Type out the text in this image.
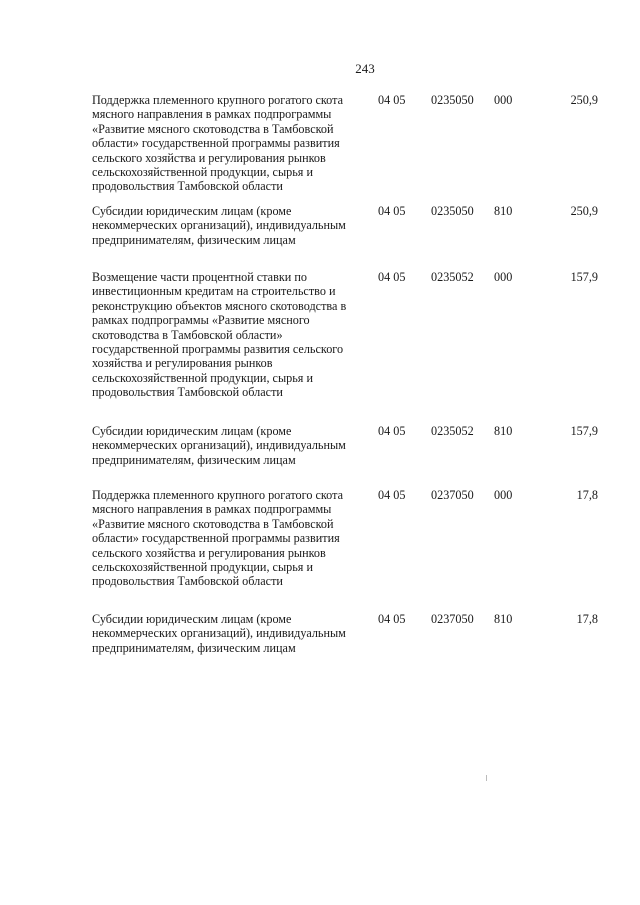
243
Поддержка племенного крупного рогатого скота мясного направления в рамках подпрограммы «Развитие мясного скотоводства в Тамбовской области» государственной программы развития сельского хозяйства и регулирования рынков сельскохозяйственной продукции, сырья и продовольствия Тамбовской области
04 05 0235050 000	250,9
Субсидии юридическим лицам (кроме некоммерческих организаций), индивидуальным предпринимателям, физическим лицам
04 05 0235050 810	250,9
Возмещение части процентной ставки по инвестиционным кредитам на строительство и реконструкцию объектов мясного скотоводства в рамках подпрограммы «Развитие мясного скотоводства в Тамбовской области» государственной программы развития сельского хозяйства и регулирования рынков сельскохозяйственной продукции, сырья и продовольствия Тамбовской области
04 05 0235052 000	157,9
Субсидии юридическим лицам (кроме некоммерческих организаций), индивидуальным предпринимателям, физическим лицам
04 05 0235052 810	157,9
Поддержка племенного крупного рогатого скота мясного направления в рамках подпрограммы «Развитие мясного скотоводства в Тамбовской области» государственной программы развития сельского хозяйства и регулирования рынков сельскохозяйственной продукции, сырья и продовольствия Тамбовской области
04 05 0237050 000	17,8
Субсидии юридическим лицам (кроме некоммерческих организаций), индивидуальным предпринимателям, физическим лицам
04 05 0237050 810	17,8
